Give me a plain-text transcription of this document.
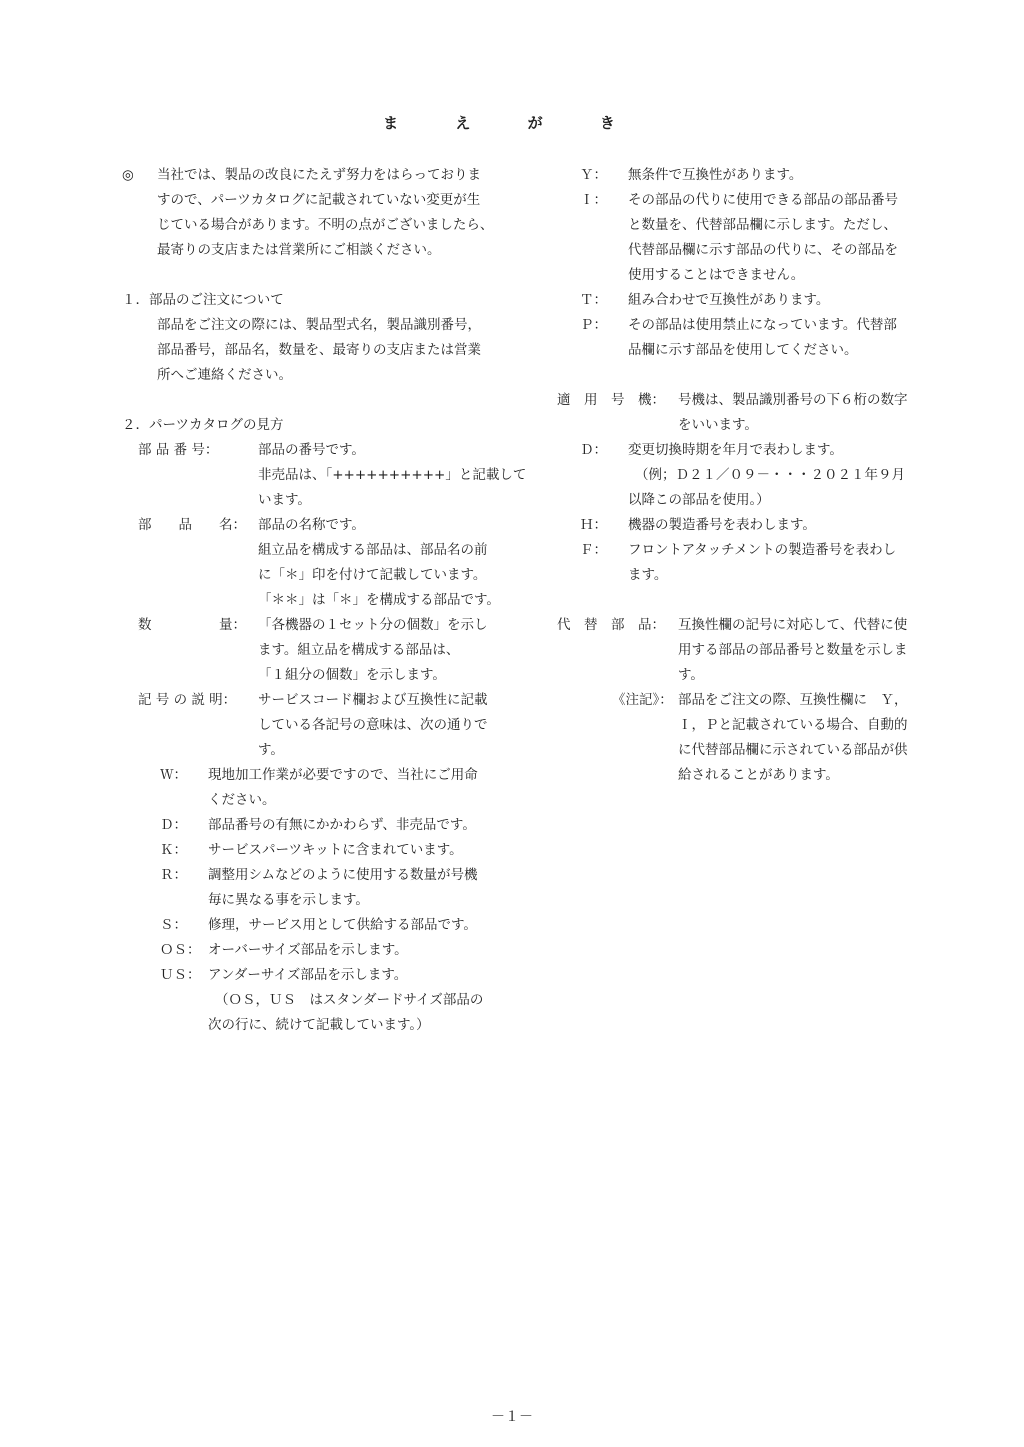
ま え が き
◎ 当社では、製品の改良にたえず努力をはらっておりま
すので、パーツカタログに記載されていない変更が生
じている場合があります。不明の点がございましたら、
最寄りの支店または営業所にご相談ください。
１．部品のご注文について
部品をご注文の際には、製品型式名，製品識別番号，
部品番号，部品名，数量を、最寄りの支店または営業
所へご連絡ください。
２．パーツカタログの見方
部 品 番 号：	部品の番号です。
非売品は、「++++++++++」と記載して
います。
部　　品　　名： 部品の名称です。
組立品を構成する部品は、部品名の前
に「＊」印を付けて記載しています。
「＊＊」は「＊」を構成する部品です。
数　　　　　量： 「各機器の１セット分の個数」を示し
ます。組立品を構成する部品は、
「１組分の個数」を示します。
記 号 の 説 明： サービスコード欄および互換性に記載
している各記号の意味は、次の通りで
す。
Ｗ： 現地加工作業が必要ですので、当社にご用命
ください。
Ｄ： 部品番号の有無にかかわらず、非売品です。
Ｋ： サービスパーツキットに含まれています。
Ｒ： 調整用シムなどのように使用する数量が号機
毎に異なる事を示します。
Ｓ： 修理，サービス用として供給する部品です。
ＯＳ： オーバーサイズ部品を示します。
ＵＳ： アンダーサイズ部品を示します。
（ＯＳ，ＵＳ　はスタンダードサイズ部品の
次の行に、続けて記載しています。）
Ｙ： 無条件で互換性があります。
Ｉ： その部品の代りに使用できる部品の部品番号
と数量を、代替部品欄に示します。ただし、
代替部品欄に示す部品の代りに、その部品を
使用することはできません。
Ｔ： 組み合わせで互換性があります。
Ｐ： その部品は使用禁止になっています。代替部
品欄に示す部品を使用してください。
適　用　号　機： 号機は、製品識別番号の下６桁の数字
をいいます。
Ｄ： 変更切換時期を年月で表わします。
（例；Ｄ２１／０９－・・・２０２１年９月
以降この部品を使用。）
Ｈ： 機器の製造番号を表わします。
Ｆ： フロントアタッチメントの製造番号を表わし
ます。
代　替　部　品： 互換性欄の記号に対応して、代替に使
用する部品の部品番号と数量を示しま
す。
《注記》： 部品をご注文の際、互換性欄に　Ｙ，
Ｉ，Ｐと記載されている場合、自動的
に代替部品欄に示されている部品が供
給されることがあります。
－１－
